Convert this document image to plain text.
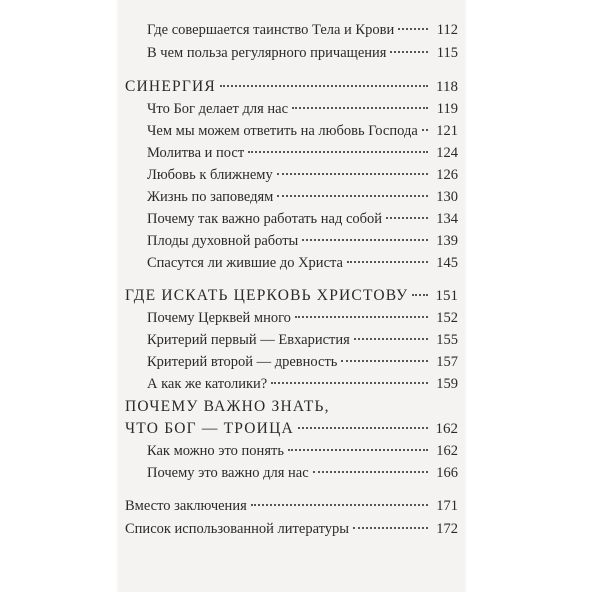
Где совершается таинство Тела и Крови	112
В чем польза регулярного причащения	115
СИНЕРГИЯ	118
Что Бог делает для нас	119
Чем мы можем ответить на любовь Господа 121
Молитва и пост	124
Любовь к ближнему	126
Жизнь по заповедям	130
Почему так важно работать над собой	134
Плоды духовной работы	139
Спасутся ли жившие до Христа	145
ГДЕ ИСКАТЬ ЦЕРКОВЬ ХРИСТОВУ 151
Почему Церквей много	152
Критерий первый — Евхаристия	155
Критерий второй — древность	157
А как же католики?	159
ПОЧЕМУ ВАЖНО ЗНАТЬ,
ЧТО БОГ — ТРОИЦА	162
Как можно это понять	162
Почему это важно для нас	166
Вместо заключения	171
Список использованной литературы	172
